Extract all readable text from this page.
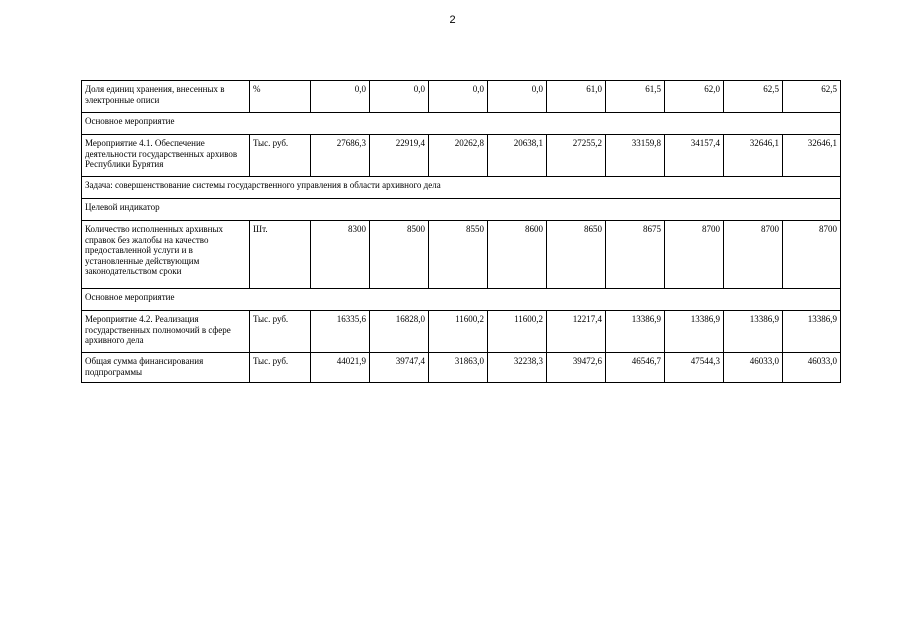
2
Доля единиц хранения, внесенных в электронные описи	%	0,0	0,0	0,0	0,0	61,0	61,5	62,0	62,5	62,5
Основное мероприятие										
Мероприятие 4.1. Обеспечение деятельности государственных архивов Республики Бурятия	Тыс. руб.	27686,3	22919,4	20262,8	20638,1	27255,2	33159,8	34157,4	32646,1	32646,1
Задача: совершенствование системы государственного управления в области архивного дела										
Целевой индикатор										
Количество исполненных архивных справок без жалобы на качество предоставленной услуги и в установленные действующим законодательством сроки	Шт.	8300	8500	8550	8600	8650	8675	8700	8700	8700
Основное мероприятие										
Мероприятие 4.2. Реализация государственных полномочий в сфере архивного дела	Тыс. руб.	16335,6	16828,0	11600,2	11600,2	12217,4	13386,9	13386,9	13386,9	13386,9
Общая сумма финансирования подпрограммы	Тыс. руб.	44021,9	39747,4	31863,0	32238,3	39472,6	46546,7	47544,3	46033,0	46033,0
